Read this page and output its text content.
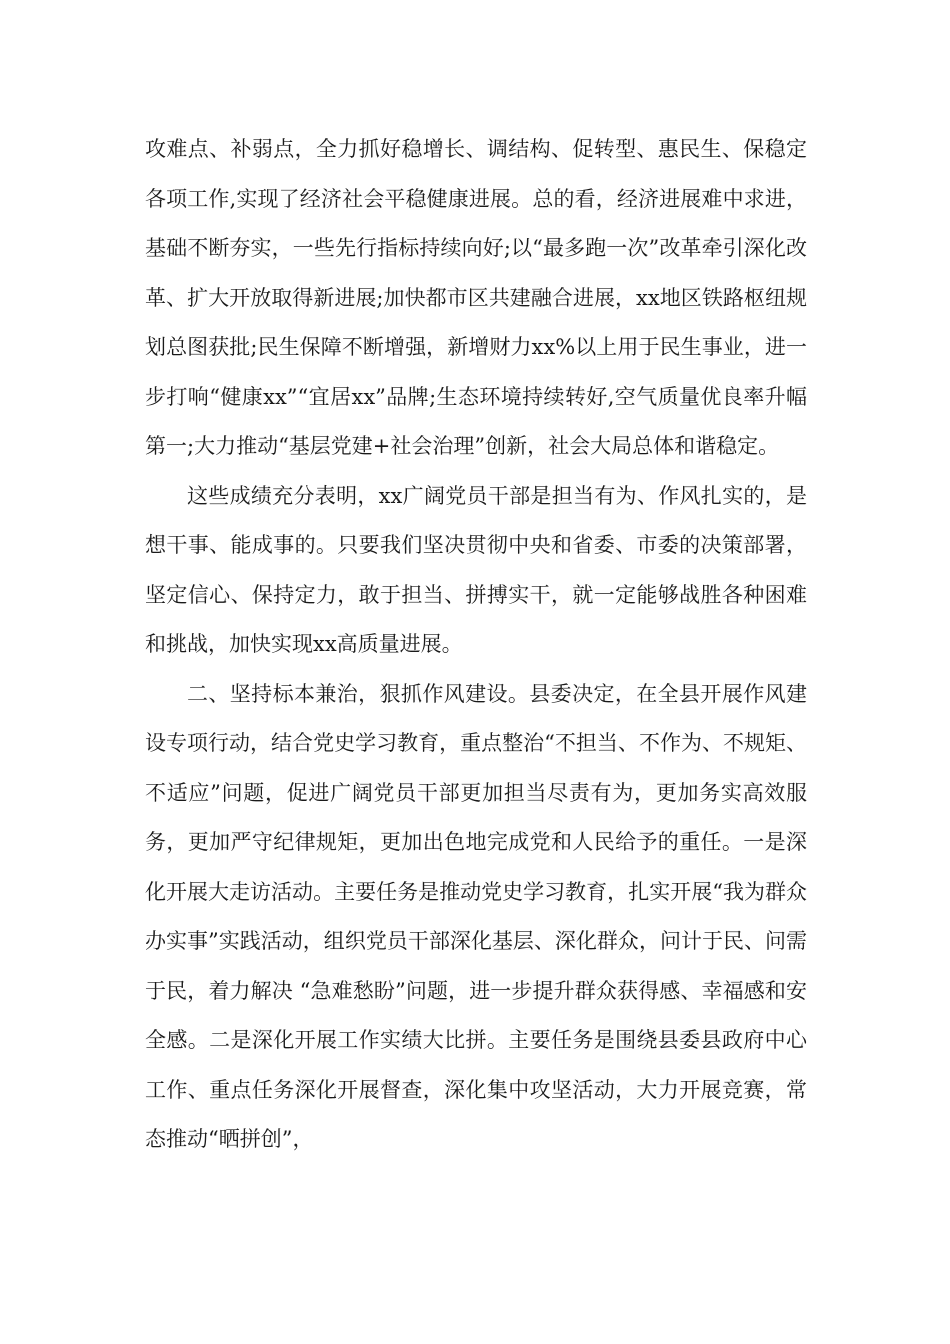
攻难点、补弱点，全力抓好稳增长、调结构、促转型、惠民生、保稳定各项工作,实现了经济社会平稳健康进展。总的看，经济进展难中求进，基础不断夯实，一些先行指标持续向好;以“最多跑一次”改革牵引深化改革、扩大开放取得新进展;加快都市区共建融合进展，xx地区铁路枢纽规划总图获批;民生保障不断增强，新增财力xx%以上用于民生事业，进一步打响“健康xx”“宜居xx”品牌;生态环境持续转好,空气质量优良率升幅第一;大力推动“基层党建+社会治理”创新，社会大局总体和谐稳定。

这些成绩充分表明，xx广阔党员干部是担当有为、作风扎实的，是想干事、能成事的。只要我们坚决贯彻中央和省委、市委的决策部署，坚定信心、保持定力，敢于担当、拼搏实干，就一定能够战胜各种困难和挑战，加快实现xx高质量进展。

二、坚持标本兼治，狠抓作风建设。县委决定，在全县开展作风建设专项行动，结合党史学习教育，重点整治“不担当、不作为、不规矩、不适应”问题，促进广阔党员干部更加担当尽责有为，更加务实高效服务，更加严守纪律规矩，更加出色地完成党和人民给予的重任。一是深化开展大走访活动。主要任务是推动党史学习教育，扎实开展“我为群众办实事”实践活动，组织党员干部深化基层、深化群众，问计于民、问需于民，着力解决 “急难愁盼”问题，进一步提升群众获得感、幸福感和安全感。二是深化开展工作实绩大比拼。主要任务是围绕县委县政府中心工作、重点任务深化开展督查，深化集中攻坚活动，大力开展竞赛，常态推动“晒拼创”，
